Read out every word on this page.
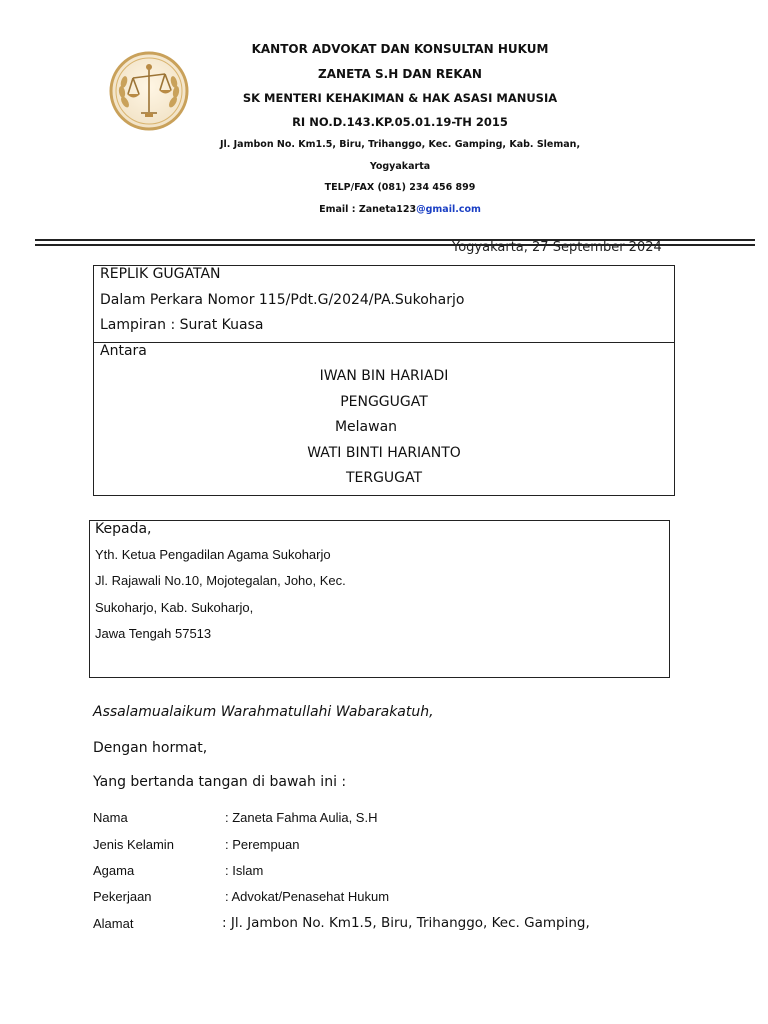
KANTOR ADVOKAT DAN KONSULTAN HUKUM
ZANETA S.H DAN REKAN
SK MENTERI KEHAKIMAN & HAK ASASI MANUSIA
RI NO.D.143.KP.05.01.19-TH 2015
Jl. Jambon No. Km1.5, Biru, Trihanggo, Kec. Gamping, Kab. Sleman,
Yogyakarta
TELP/FAX (081) 234 456 899
Email : Zaneta123@gmail.com
Yogyakarta, 27 September 2024
REPLIK GUGATAN
Dalam Perkara Nomor 115/Pdt.G/2024/PA.Sukoharjo
Lampiran : Surat Kuasa
Antara
IWAN BIN HARIADI
PENGGUGAT
Melawan
WATI BINTI HARIANTO
TERGUGAT
Kepada,
Yth. Ketua Pengadilan Agama Sukoharjo
Jl. Rajawali No.10, Mojotegalan, Joho, Kec.
Sukoharjo, Kab. Sukoharjo,
Jawa Tengah 57513
Assalamualaikum Warahmatullahi Wabarakatuh,
Dengan hormat,
Yang bertanda tangan di bawah ini :
Nama	: Zaneta Fahma Aulia, S.H
Jenis Kelamin	: Perempuan
Agama	: Islam
Pekerjaan	: Advokat/Penasehat Hukum
Alamat	: Jl. Jambon No. Km1.5, Biru, Trihanggo, Kec. Gamping,
